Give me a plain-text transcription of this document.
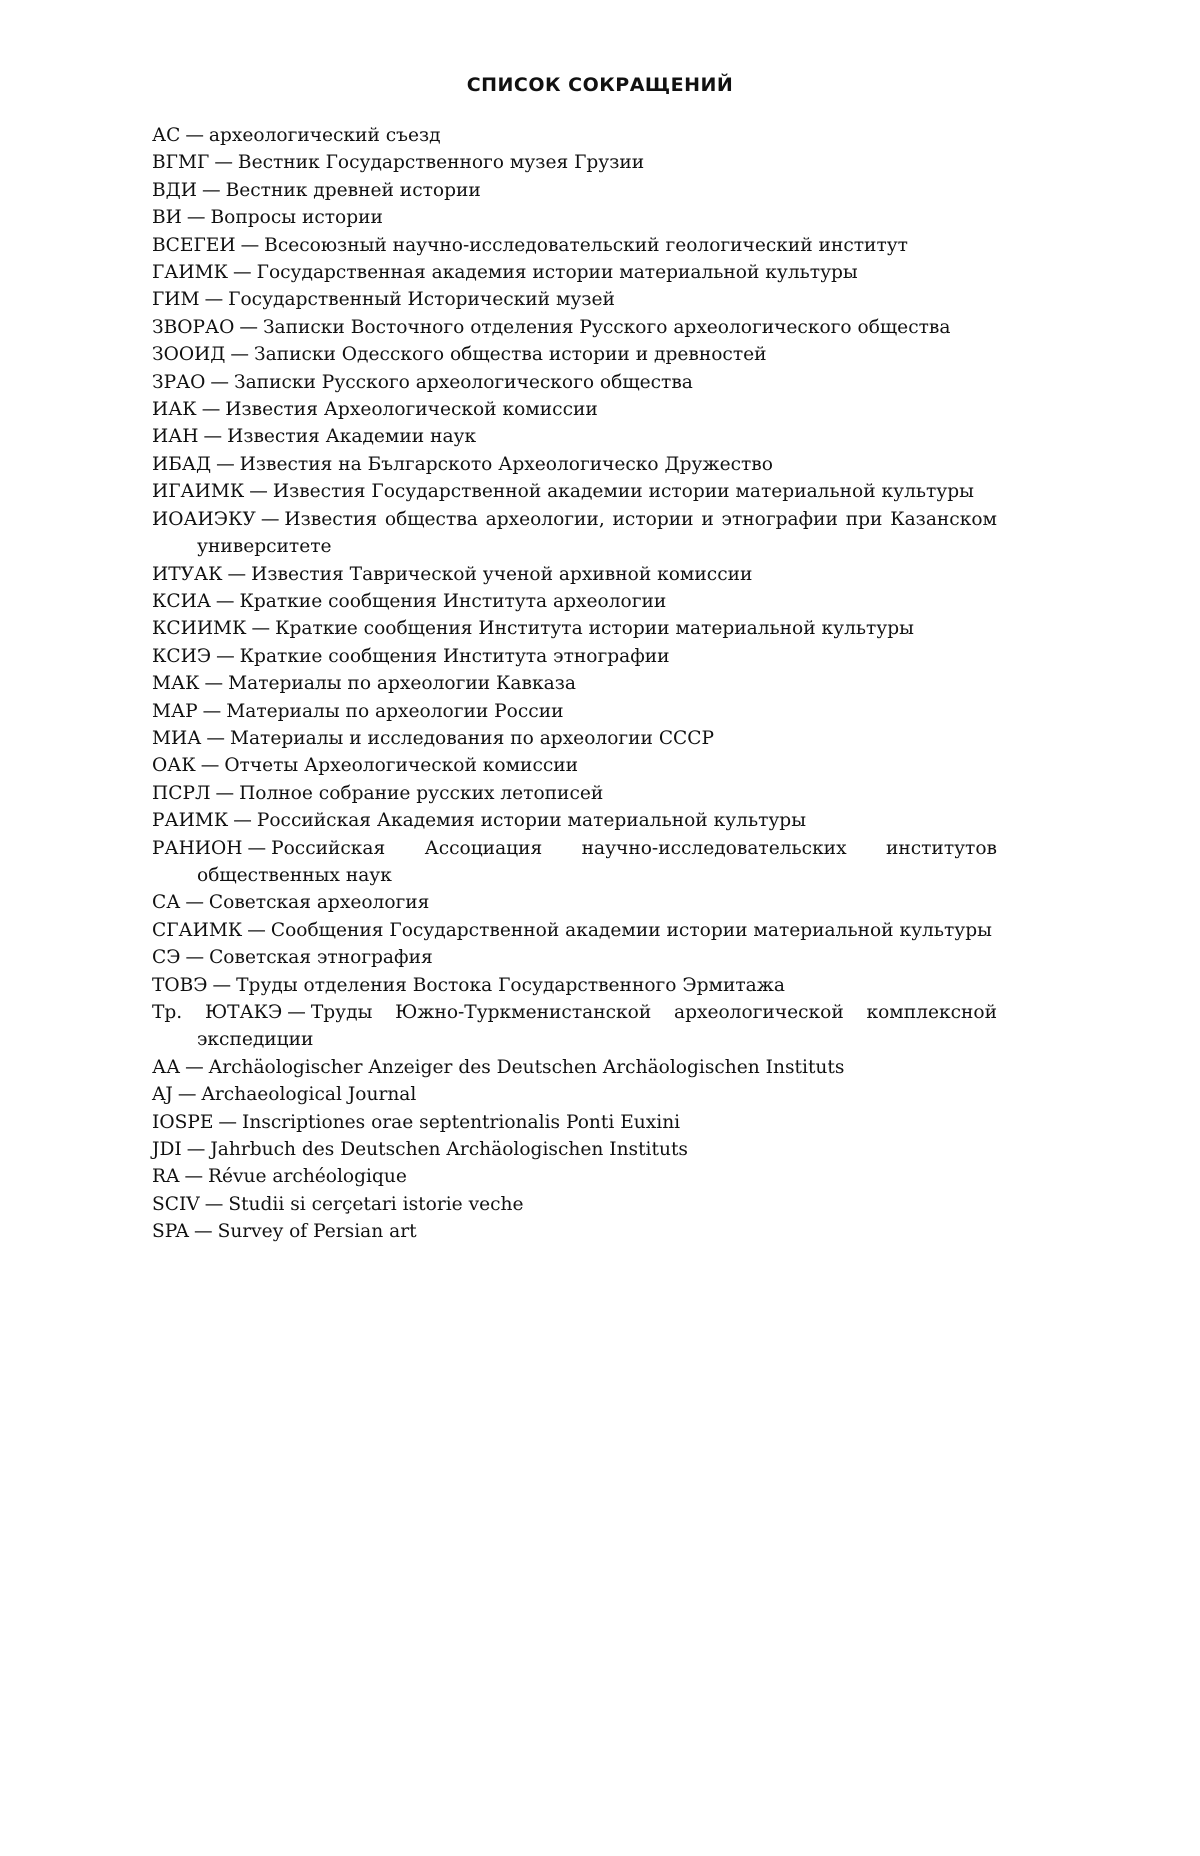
СПИСОК СОКРАЩЕНИЙ
АС — археологический съезд
ВГМГ — Вестник Государственного музея Грузии
ВДИ — Вестник древней истории
ВИ — Вопросы истории
ВСЕГЕИ — Всесоюзный научно-исследовательский геологический институт
ГАИМК — Государственная академия истории материальной культуры
ГИМ — Государственный Исторический музей
ЗВОРАО — Записки Восточного отделения Русского археологического общества
ЗООИД — Записки Одесского общества истории и древностей
ЗРАО — Записки Русского археологического общества
ИАК — Известия Археологической комиссии
ИАН — Известия Академии наук
ИБАД — Известия на Българското Археологическо Дружество
ИГАИМК — Известия Государственной академии истории материальной культуры
ИОАИЭКУ — Известия общества археологии, истории и этнографии при Казанском университете
ИТУАК — Известия Таврической ученой архивной комиссии
КСИА — Краткие сообщения Института археологии
КСИИМК — Краткие сообщения Института истории материальной культуры
КСИЭ — Краткие сообщения Института этнографии
МАК — Материалы по археологии Кавказа
МАР — Материалы по археологии России
МИА — Материалы и исследования по археологии СССР
ОАК — Отчеты Археологической комиссии
ПСРЛ — Полное собрание русских летописей
РАИМК — Российская Академия истории материальной культуры
РАНИОН — Российская Ассоциация научно-исследовательских институтов общественных наук
СА — Советская археология
СГАИМК — Сообщения Государственной академии истории материальной культуры
СЭ — Советская этнография
ТОВЭ — Труды отделения Востока Государственного Эрмитажа
Тр. ЮТАКЭ — Труды Южно-Туркменистанской археологической комплексной экспедиции
АА — Archäologischer Anzeiger des Deutschen Archäologischen Instituts
AJ — Archaeological Journal
IOSPE — Inscriptiones orae septentrionalis Ponti Euxini
JDI — Jahrbuch des Deutschen Archäologischen Instituts
RA — Révue archéologique
SCIV — Studii si cerçetari istorie veche
SPA — Survey of Persian art
